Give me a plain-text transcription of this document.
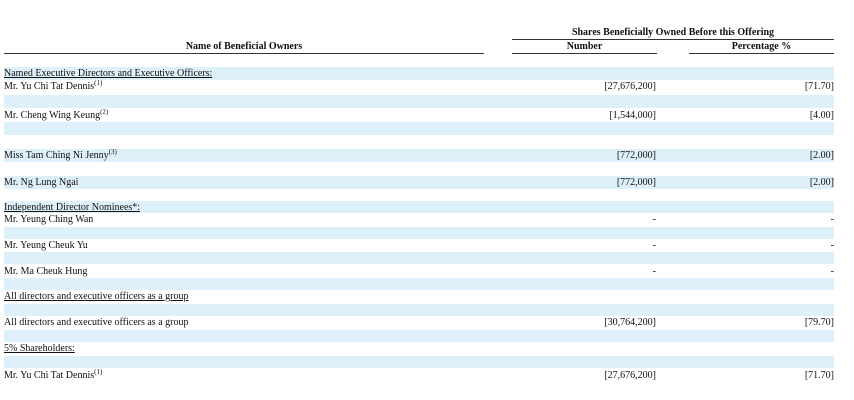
Shares Beneficially Owned Before this Offering
Name of Beneficial Owners	Number	Percentage %
Named Executive Directors and Executive Officers:
Mr. Yu Chi Tat Dennis$^{(1)}$	[27,676,200]	[71.70]
Mr. Cheng Wing Keung$^{(2)}$	[1,544,000]	[4.00]
Miss Tam Ching Ni Jenny$^{(3)}$	[772,000]	[2.00]
Mr. Ng Lung Ngai	[772,000]	[2.00]
Independent Director Nominees*:
Mr. Yeung Ching Wan	-	-
Mr. Yeung Cheuk Yu	-	-
Mr. Ma Cheuk Hung	-	-
All directors and executive officers as a group
All directors and executive officers as a group	[30,764,200]	[79.70]
5% Shareholders:
Mr. Yu Chi Tat Dennis$^{(1)}$	[27,676,200]	[71.70]
